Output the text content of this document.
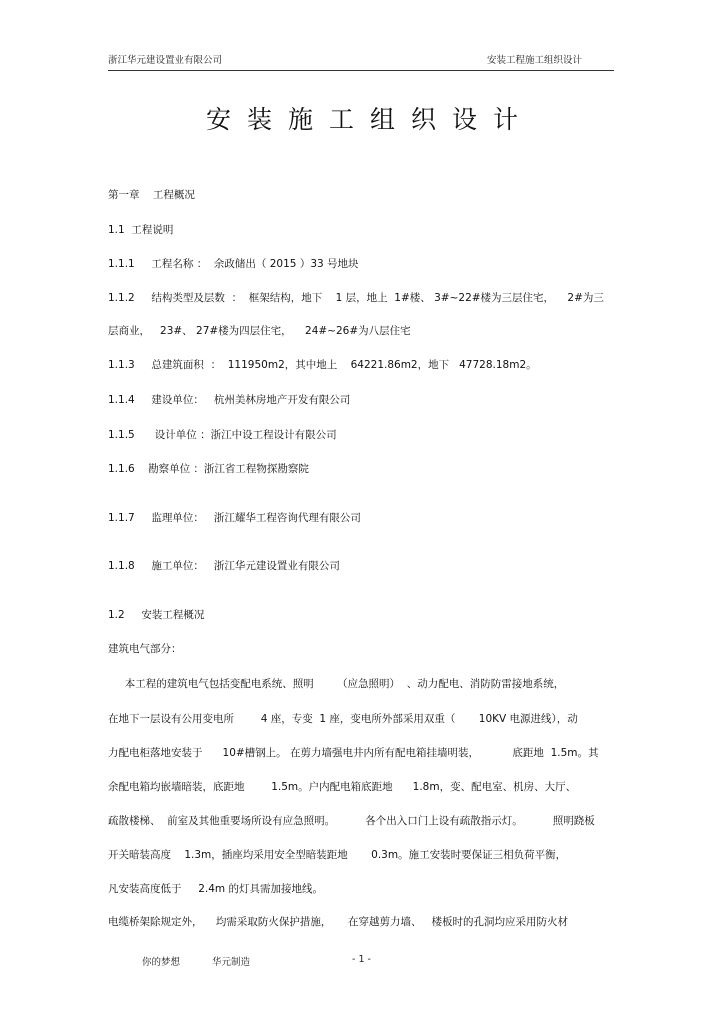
浙江华元建设置业有限公司	安装工程施工组织设计
安装施工组织设计
第一章    工程概况
1.1  工程说明
1.1.1     工程名称 ：  余政储出（ 2015 ）33 号地块
1.1.2     结构类型及层数  ：  框架结构，地下    1 层，地上  1#楼、 3#~22#楼为三层住宅，    2#为三
层商业，   23#、 27#楼为四层住宅，    24#~26#为八层住宅
1.1.3     总建筑面积  ：  111950m2，其中地上    64221.86m2，地下   47728.18m2。
1.1.4     建设单位：   杭州美林房地产开发有限公司
1.1.5      设计单位 ：浙江中设工程设计有限公司
1.1.6    勘察单位 ：浙江省工程物探勘察院
1.1.7     监理单位：   浙江耀华工程咨询代理有限公司
1.1.8     施工单位：   浙江华元建设置业有限公司
1.2     安装工程概况
建筑电气部分：
本工程的建筑电气包括变配电系统、照明       （应急照明）  、动力配电、消防防雷接地系统，
在地下一层设有公用变电所        4 座，专变  1 座，变电所外部采用双重（       10KV 电源进线），动
力配电柜落地安装于      10#槽钢上。 在剪力墙强电井内所有配电箱挂墙明装，          底距地  1.5m。其
余配电箱均嵌墙暗装，底距地        1.5m。户内配电箱底距地      1.8m，变、配电室、机房、大厅、
疏散楼梯、  前室及其他重要场所设有应急照明。         各个出入口门上设有疏散指示灯。         照明跷板
开关暗装高度    1.3m，插座均采用安全型暗装距地       0.3m。施工安装时要保证三相负荷平衡，
凡安装高度低于     2.4m 的灯具需加接地线。
电缆桥架除规定外，    均需采取防火保护措施，     在穿越剪力墙、   楼板时的孔洞均应采用防火材
你的梦想	华元制造	- 1 -
